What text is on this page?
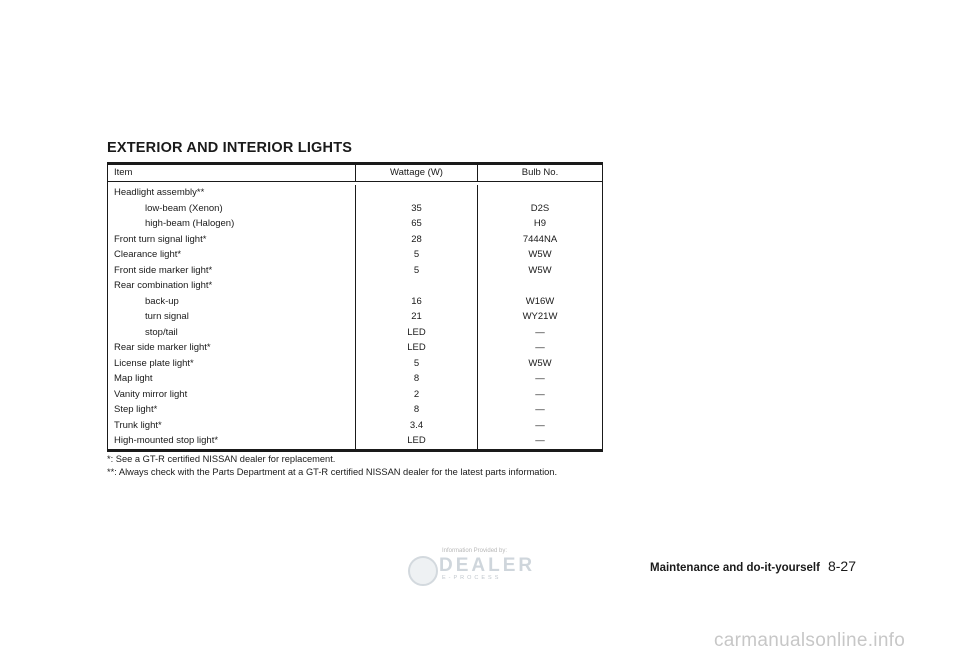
EXTERIOR AND INTERIOR LIGHTS
Item	Wattage (W)	Bulb No.
Headlight assembly**
low-beam (Xenon)	35	D2S
high-beam (Halogen)	65	H9
Front turn signal light*	28	7444NA
Clearance light*	5	W5W
Front side marker light*	5	W5W
Rear combination light*
back-up	16	W16W
turn signal	21	WY21W
stop/tail	LED	—
Rear side marker light*	LED	—
License plate light*	5	W5W
Map light	8	—
Vanity mirror light	2	—
Step light*	8	—
Trunk light*	3.4	—
High-mounted stop light*	LED	—

*: See a GT-R certified NISSAN dealer for replacement.

**: Always check with the Parts Department at a GT-R certified NISSAN dealer for the latest parts information.

Information Provided by:
DEALER
E-PROCESS
Maintenance and do-it-yourself 8-27
carmanualsonline.info
